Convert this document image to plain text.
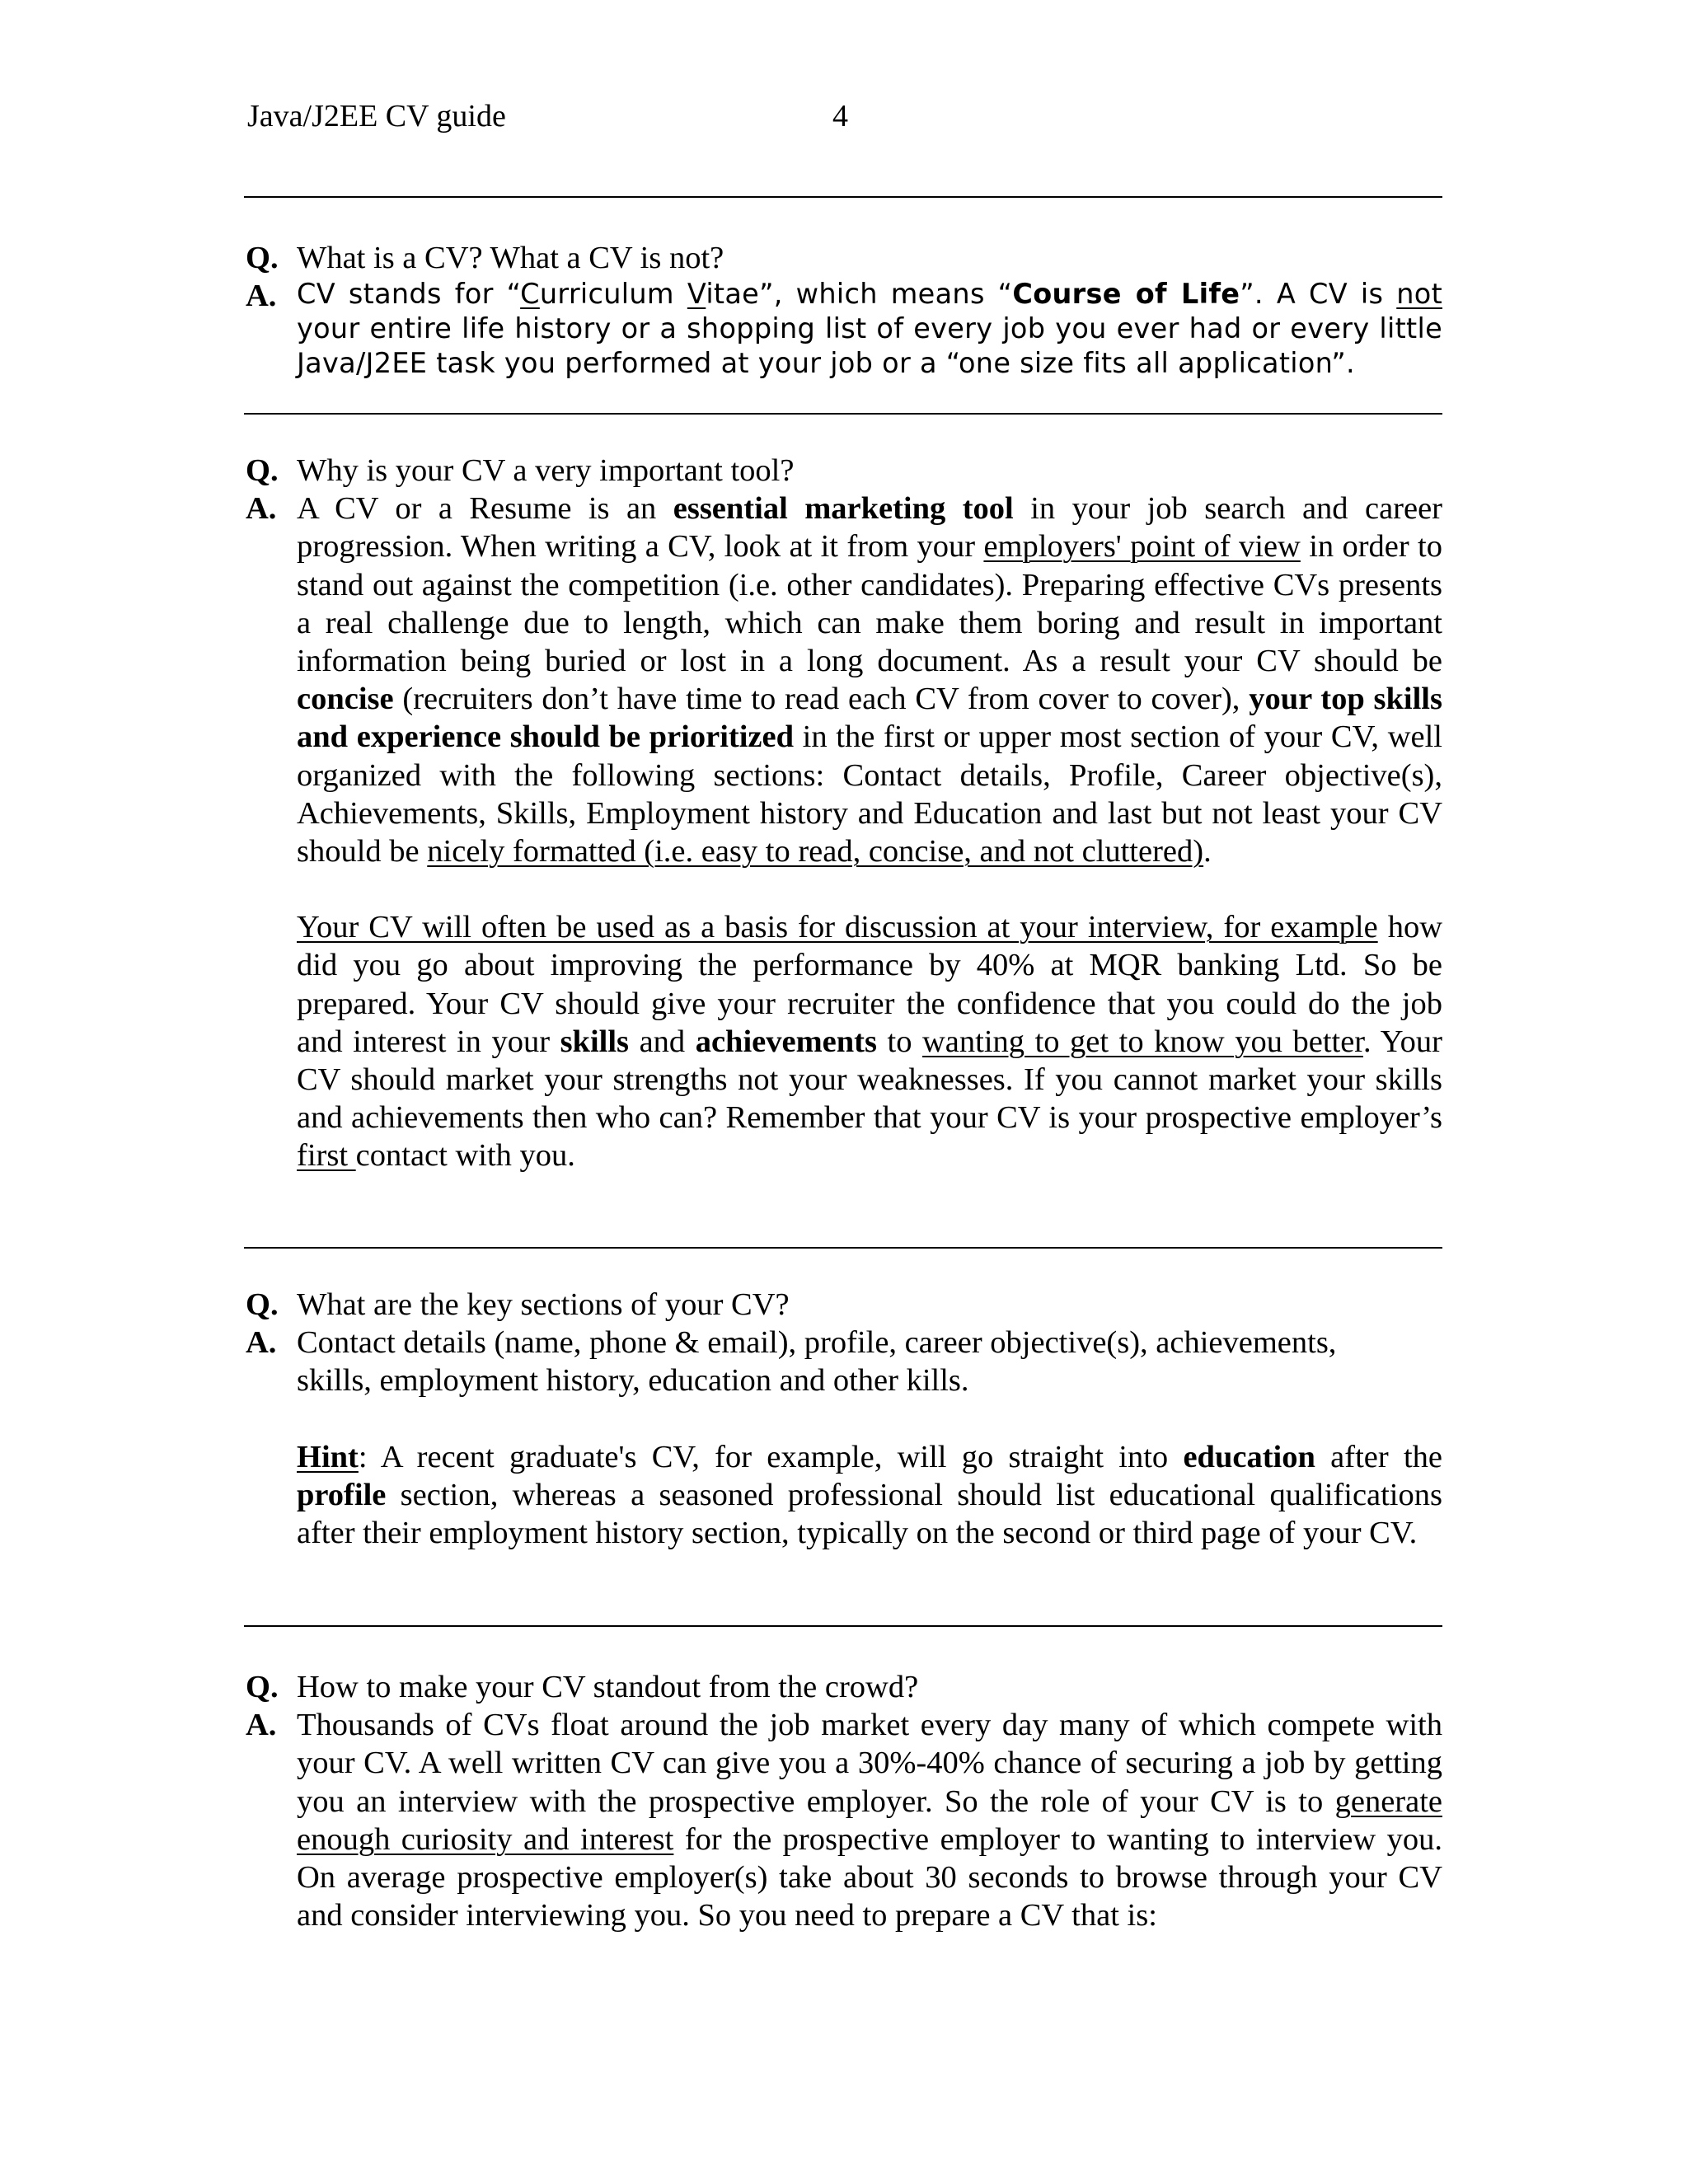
Java/J2EE CV guide	4
Q. What is a CV? What a CV is not?
A. CV stands for “Curriculum Vitae”, which means “Course of Life”. A CV is not your entire life history or a shopping list of every job you ever had or every little Java/J2EE task you performed at your job or a “one size fits all application”.
Q. Why is your CV a very important tool?
A. A CV or a Resume is an essential marketing tool in your job search and career progression. When writing a CV, look at it from your employers' point of view in order to stand out against the competition (i.e. other candidates). Preparing effective CVs presents a real challenge due to length, which can make them boring and result in important information being buried or lost in a long document. As a result your CV should be concise (recruiters don’t have time to read each CV from cover to cover), your top skills and experience should be prioritized in the first or upper most section of your CV, well organized with the following sections: Contact details, Profile, Career objective(s), Achievements, Skills, Employment history and Education and last but not least your CV should be nicely formatted (i.e. easy to read, concise, and not cluttered).
Your CV will often be used as a basis for discussion at your interview, for example how did you go about improving the performance by 40% at MQR banking Ltd. So be prepared. Your CV should give your recruiter the confidence that you could do the job and interest in your skills and achievements to wanting to get to know you better. Your CV should market your strengths not your weaknesses. If you cannot market your skills and achievements then who can? Remember that your CV is your prospective employer’s first contact with you.
Q. What are the key sections of your CV?
A. Contact details (name, phone & email), profile, career objective(s), achievements, skills, employment history, education and other kills.
Hint: A recent graduate's CV, for example, will go straight into education after the profile section, whereas a seasoned professional should list educational qualifications after their employment history section, typically on the second or third page of your CV.
Q. How to make your CV standout from the crowd?
A. Thousands of CVs float around the job market every day many of which compete with your CV. A well written CV can give you a 30%-40% chance of securing a job by getting you an interview with the prospective employer. So the role of your CV is to generate enough curiosity and interest for the prospective employer to wanting to interview you. On average prospective employer(s) take about 30 seconds to browse through your CV and consider interviewing you. So you need to prepare a CV that is:
